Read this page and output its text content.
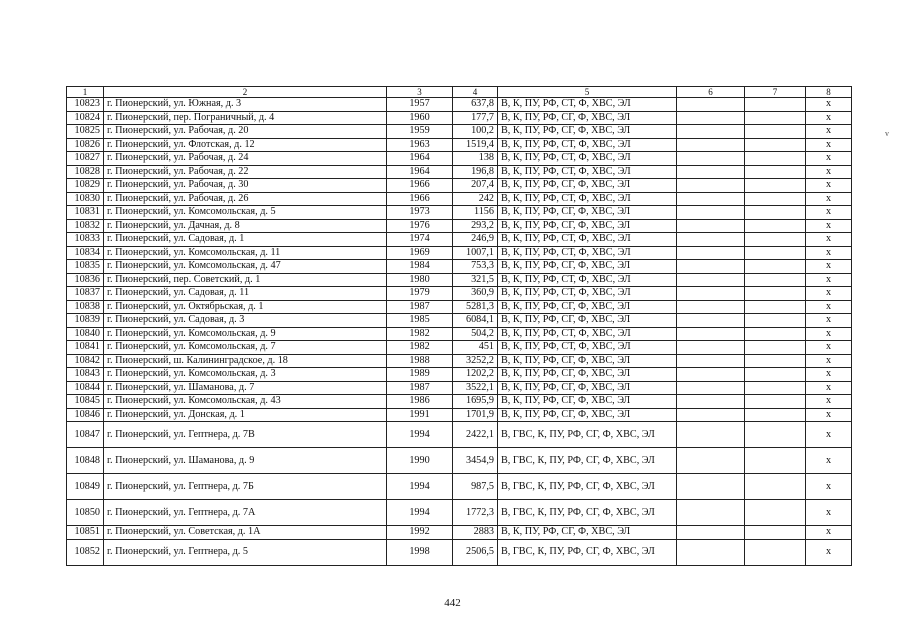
1	2	3	4	5	6	7	8
10823	г. Пионерский, ул. Южная, д. 3	1957	637,8	В, К, ПУ, РФ, СТ, Ф, ХВС, ЭЛ			х
10824	г. Пионерский, пер. Пограничный, д. 4	1960	177,7	В, К, ПУ, РФ, СГ, Ф, ХВС, ЭЛ			х
10825	г. Пионерский, ул. Рабочая, д. 20	1959	100,2	В, К, ПУ, РФ, СГ, Ф, ХВС, ЭЛ			х
10826	г. Пионерский, ул. Флотская, д. 12	1963	1519,4	В, К, ПУ, РФ, СТ, Ф, ХВС, ЭЛ			х
10827	г. Пионерский, ул. Рабочая, д. 24	1964	138	В, К, ПУ, РФ, СТ, Ф, ХВС, ЭЛ			х
10828	г. Пионерский, ул. Рабочая, д. 22	1964	196,8	В, К, ПУ, РФ, СТ, Ф, ХВС, ЭЛ			х
10829	г. Пионерский, ул. Рабочая, д. 30	1966	207,4	В, К, ПУ, РФ, СГ, Ф, ХВС, ЭЛ			х
10830	г. Пионерский, ул. Рабочая, д. 26	1966	242	В, К, ПУ, РФ, СТ, Ф, ХВС, ЭЛ			х
10831	г. Пионерский, ул. Комсомольская, д. 5	1973	1156	В, К, ПУ, РФ, СГ, Ф, ХВС, ЭЛ			х
10832	г. Пионерский, ул. Дачная, д. 8	1976	293,2	В, К, ПУ, РФ, СГ, Ф, ХВС, ЭЛ			х
10833	г. Пионерский, ул. Садовая, д. 1	1974	246,9	В, К, ПУ, РФ, СТ, Ф, ХВС, ЭЛ			х
10834	г. Пионерский, ул. Комсомольская, д. 11	1969	1007,1	В, К, ПУ, РФ, СТ, Ф, ХВС, ЭЛ			х
10835	г. Пионерский, ул. Комсомольская, д. 47	1984	753,3	В, К, ПУ, РФ, СГ, Ф, ХВС, ЭЛ			х
10836	г. Пионерский, пер. Советский, д. 1	1980	321,5	В, К, ПУ, РФ, СТ, Ф, ХВС, ЭЛ			х
10837	г. Пионерский, ул. Садовая, д. 11	1979	360,9	В, К, ПУ, РФ, СТ, Ф, ХВС, ЭЛ			х
10838	г. Пионерский, ул. Октябрьская, д. 1	1987	5281,3	В, К, ПУ, РФ, СГ, Ф, ХВС, ЭЛ			х
10839	г. Пионерский, ул. Садовая, д. 3	1985	6084,1	В, К, ПУ, РФ, СГ, Ф, ХВС, ЭЛ			х
10840	г. Пионерский, ул. Комсомольская, д. 9	1982	504,2	В, К, ПУ, РФ, СТ, Ф, ХВС, ЭЛ			х
10841	г. Пионерский, ул. Комсомольская, д. 7	1982	451	В, К, ПУ, РФ, СТ, Ф, ХВС, ЭЛ			х
10842	г. Пионерский, ш. Калининградское, д. 18	1988	3252,2	В, К, ПУ, РФ, СГ, Ф, ХВС, ЭЛ			х
10843	г. Пионерский, ул. Комсомольская, д. 3	1989	1202,2	В, К, ПУ, РФ, СГ, Ф, ХВС, ЭЛ			х
10844	г. Пионерский, ул. Шаманова, д. 7	1987	3522,1	В, К, ПУ, РФ, СГ, Ф, ХВС, ЭЛ			х
10845	г. Пионерский, ул. Комсомольская, д. 43	1986	1695,9	В, К, ПУ, РФ, СГ, Ф, ХВС, ЭЛ			х
10846	г. Пионерский, ул. Донская, д. 1	1991	1701,9	В, К, ПУ, РФ, СГ, Ф, ХВС, ЭЛ			х
10847	г. Пионерский, ул. Гептнера, д. 7В	1994	2422,1	В, ГВС, К, ПУ, РФ, СГ, Ф, ХВС, ЭЛ			х
10848	г. Пионерский, ул. Шаманова, д. 9	1990	3454,9	В, ГВС, К, ПУ, РФ, СГ, Ф, ХВС, ЭЛ			х
10849	г. Пионерский, ул. Гептнера, д. 7Б	1994	987,5	В, ГВС, К, ПУ, РФ, СГ, Ф, ХВС, ЭЛ			х
10850	г. Пионерский, ул. Гептнера, д. 7А	1994	1772,3	В, ГВС, К, ПУ, РФ, СГ, Ф, ХВС, ЭЛ			х
10851	г. Пионерский, ул. Советская, д. 1А	1992	2883	В, К, ПУ, РФ, СГ, Ф, ХВС, ЭЛ			х
10852	г. Пионерский, ул. Гептнера, д. 5	1998	2506,5	В, ГВС, К, ПУ, РФ, СГ, Ф, ХВС, ЭЛ			х
442
v
